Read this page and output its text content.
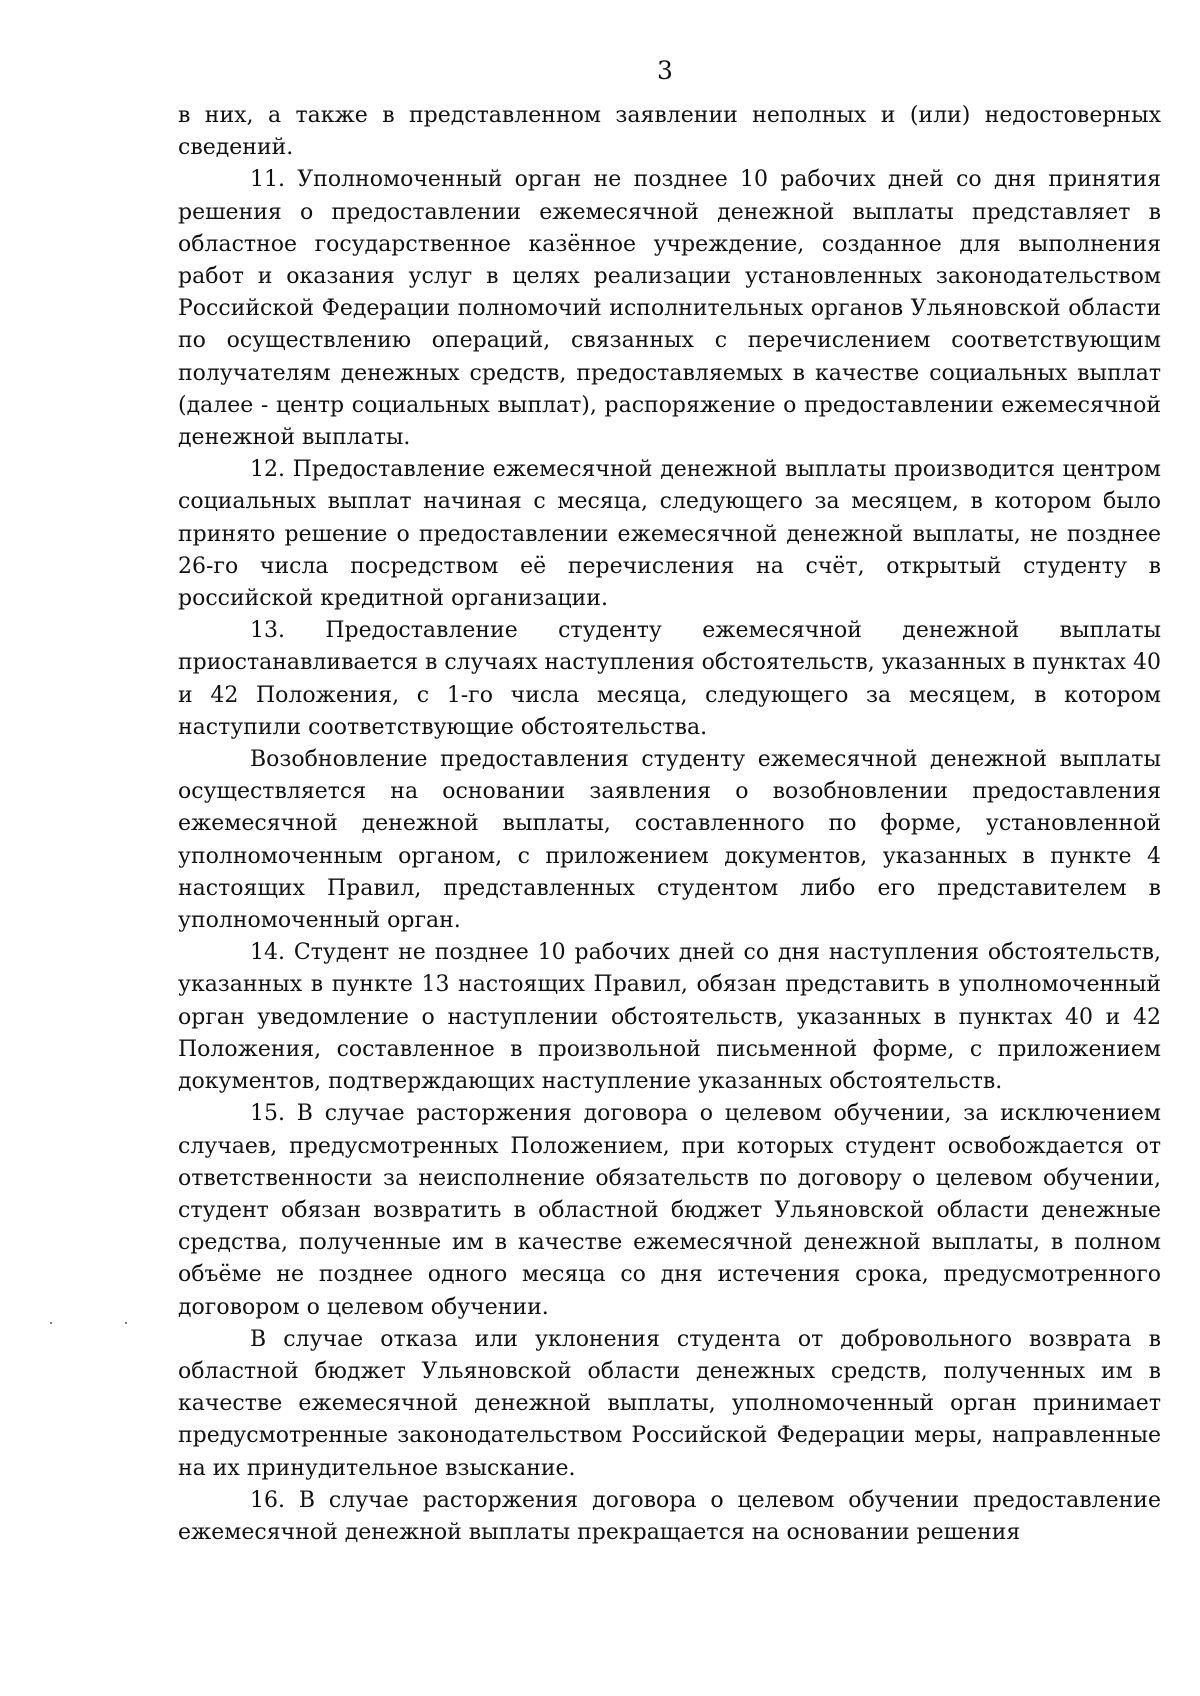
3

в них, а также в представленном заявлении неполных и (или) недостоверных сведений.

11. Уполномоченный орган не позднее 10 рабочих дней со дня принятия решения о предоставлении ежемесячной денежной выплаты представляет в областное государственное казённое учреждение, созданное для выполнения работ и оказания услуг в целях реализации установленных законодательством Российской Федерации полномочий исполнительных органов Ульяновской области по осуществлению операций, связанных с перечислением соответствующим получателям денежных средств, предоставляемых в качестве социальных выплат (далее - центр социальных выплат), распоряжение о предоставлении ежемесячной денежной выплаты.

12. Предоставление ежемесячной денежной выплаты производится центром социальных выплат начиная с месяца, следующего за месяцем, в котором было принято решение о предоставлении ежемесячной денежной выплаты, не позднее 26-го числа посредством её перечисления на счёт, открытый студенту в российской кредитной организации.

13. Предоставление студенту ежемесячной денежной выплаты приостанавливается в случаях наступления обстоятельств, указанных в пунктах 40 и 42 Положения, с 1-го числа месяца, следующего за месяцем, в котором наступили соответствующие обстоятельства.

Возобновление предоставления студенту ежемесячной денежной выплаты осуществляется на основании заявления о возобновлении предоставления ежемесячной денежной выплаты, составленного по форме, установленной уполномоченным органом, с приложением документов, указанных в пункте 4 настоящих Правил, представленных студентом либо его представителем в уполномоченный орган.

14. Студент не позднее 10 рабочих дней со дня наступления обстоятельств, указанных в пункте 13 настоящих Правил, обязан представить в уполномоченный орган уведомление о наступлении обстоятельств, указанных в пунктах 40 и 42 Положения, составленное в произвольной письменной форме, с приложением документов, подтверждающих наступление указанных обстоятельств.

15. В случае расторжения договора о целевом обучении, за исключением случаев, предусмотренных Положением, при которых студент освобождается от ответственности за неисполнение обязательств по договору о целевом обучении, студент обязан возвратить в областной бюджет Ульяновской области денежные средства, полученные им в качестве ежемесячной денежной выплаты, в полном объёме не позднее одного месяца со дня истечения срока, предусмотренного договором о целевом обучении.

В случае отказа или уклонения студента от добровольного возврата в областной бюджет Ульяновской области денежных средств, полученных им в качестве ежемесячной денежной выплаты, уполномоченный орган принимает предусмотренные законодательством Российской Федерации меры, направленные на их принудительное взыскание.

16. В случае расторжения договора о целевом обучении предоставление ежемесячной денежной выплаты прекращается на основании решения
